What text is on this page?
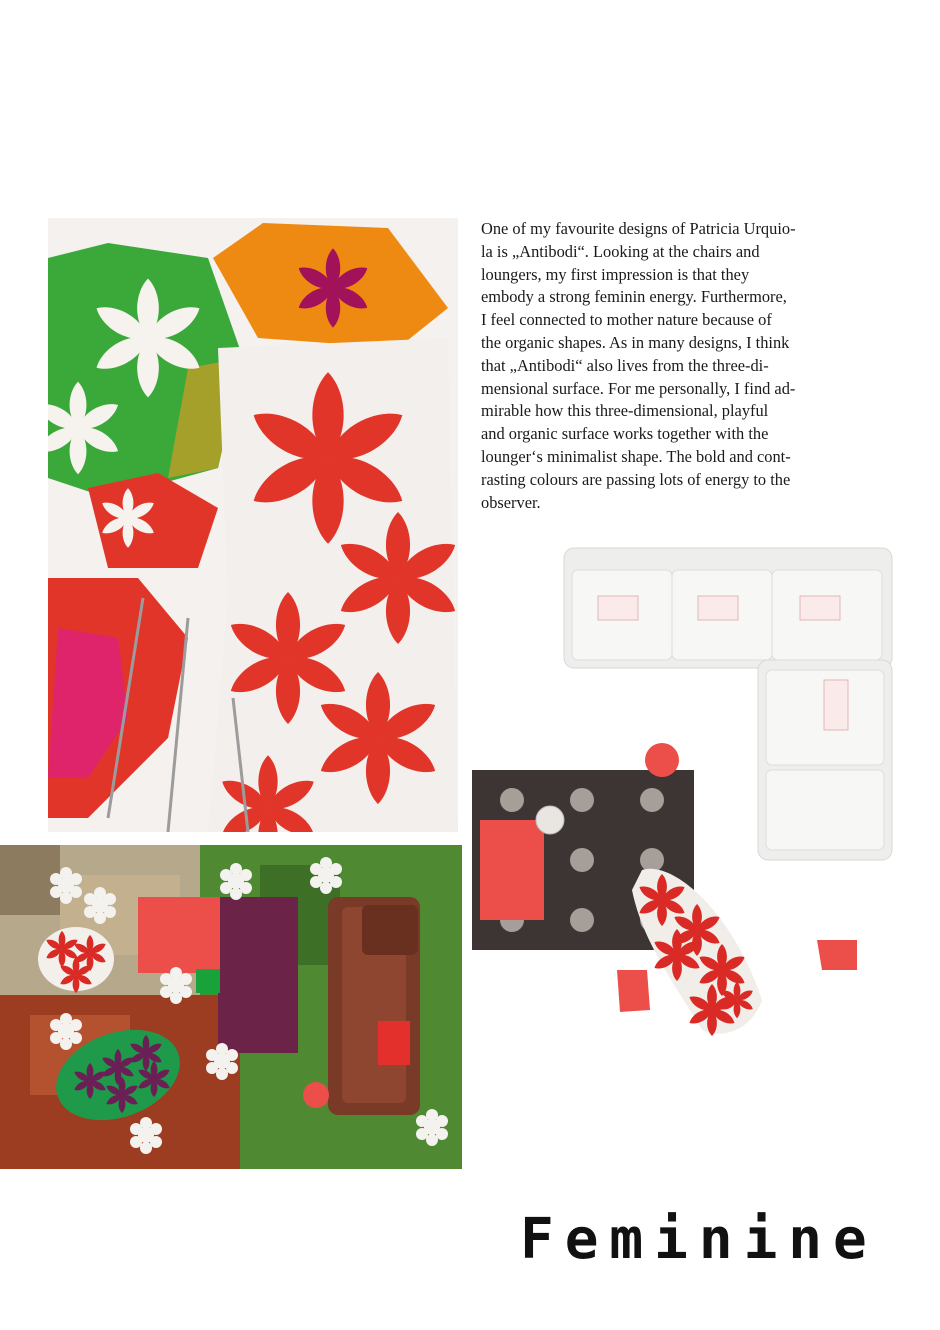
One of my favourite designs of Patricia Urquio-
la is „Antibodi“. Looking at the chairs and
loungers, my first impression is that they
embody a strong feminin energy. Furthermore,
I feel connected to mother nature because of
the organic shapes. As in many designs, I think
that „Antibodi“ also lives from the three-di-
mensional surface. For me personally, I find ad-
mirable how this three-dimensional, playful
and organic surface works together with the
lounger‘s minimalist shape. The bold and cont-
rasting colours are passing lots of energy to the
observer.
Feminine
